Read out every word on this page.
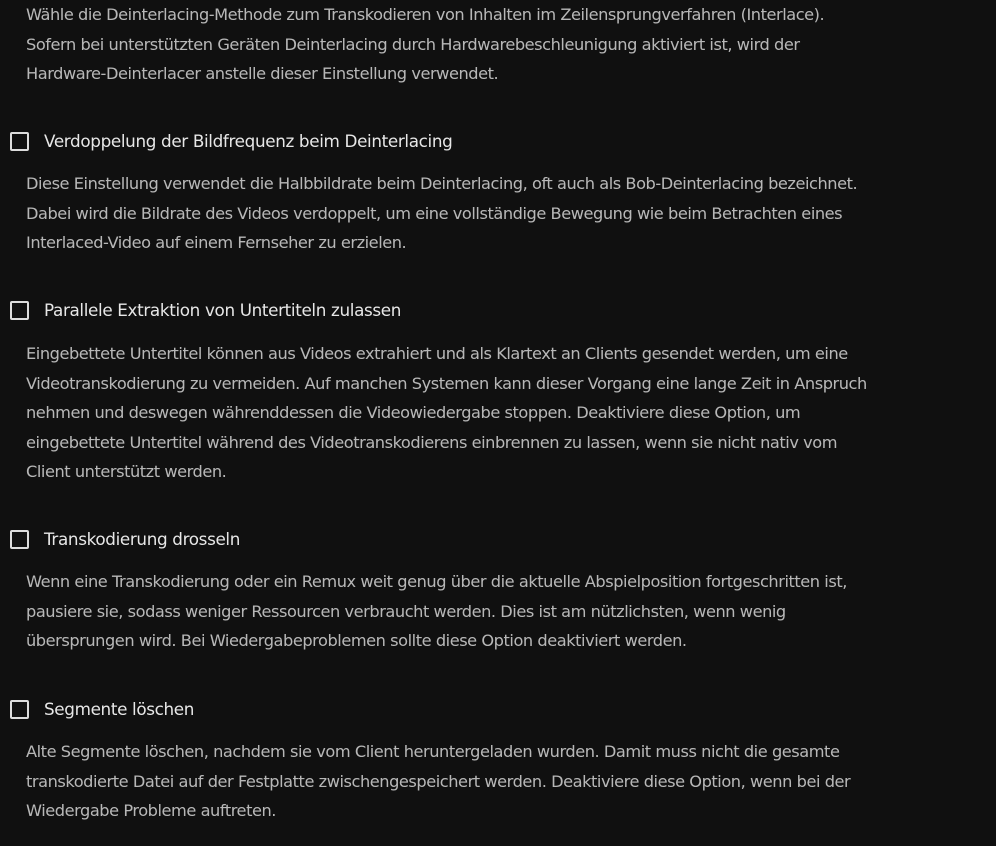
Wähle die Deinterlacing-Methode zum Transkodieren von Inhalten im Zeilensprungverfahren (Interlace).
Sofern bei unterstützten Geräten Deinterlacing durch Hardwarebeschleunigung aktiviert ist, wird der
Hardware-Deinterlacer anstelle dieser Einstellung verwendet.

Verdoppelung der Bildfrequenz beim Deinterlacing

Diese Einstellung verwendet die Halbbildrate beim Deinterlacing, oft auch als Bob-Deinterlacing bezeichnet.
Dabei wird die Bildrate des Videos verdoppelt, um eine vollständige Bewegung wie beim Betrachten eines
Interlaced-Video auf einem Fernseher zu erzielen.

Parallele Extraktion von Untertiteln zulassen

Eingebettete Untertitel können aus Videos extrahiert und als Klartext an Clients gesendet werden, um eine
Videotranskodierung zu vermeiden. Auf manchen Systemen kann dieser Vorgang eine lange Zeit in Anspruch
nehmen und deswegen währenddessen die Videowiedergabe stoppen. Deaktiviere diese Option, um
eingebettete Untertitel während des Videotranskodierens einbrennen zu lassen, wenn sie nicht nativ vom
Client unterstützt werden.

Transkodierung drosseln

Wenn eine Transkodierung oder ein Remux weit genug über die aktuelle Abspielposition fortgeschritten ist,
pausiere sie, sodass weniger Ressourcen verbraucht werden. Dies ist am nützlichsten, wenn wenig
übersprungen wird. Bei Wiedergabeproblemen sollte diese Option deaktiviert werden.

Segmente löschen

Alte Segmente löschen, nachdem sie vom Client heruntergeladen wurden. Damit muss nicht die gesamte
transkodierte Datei auf der Festplatte zwischengespeichert werden. Deaktiviere diese Option, wenn bei der
Wiedergabe Probleme auftreten.
